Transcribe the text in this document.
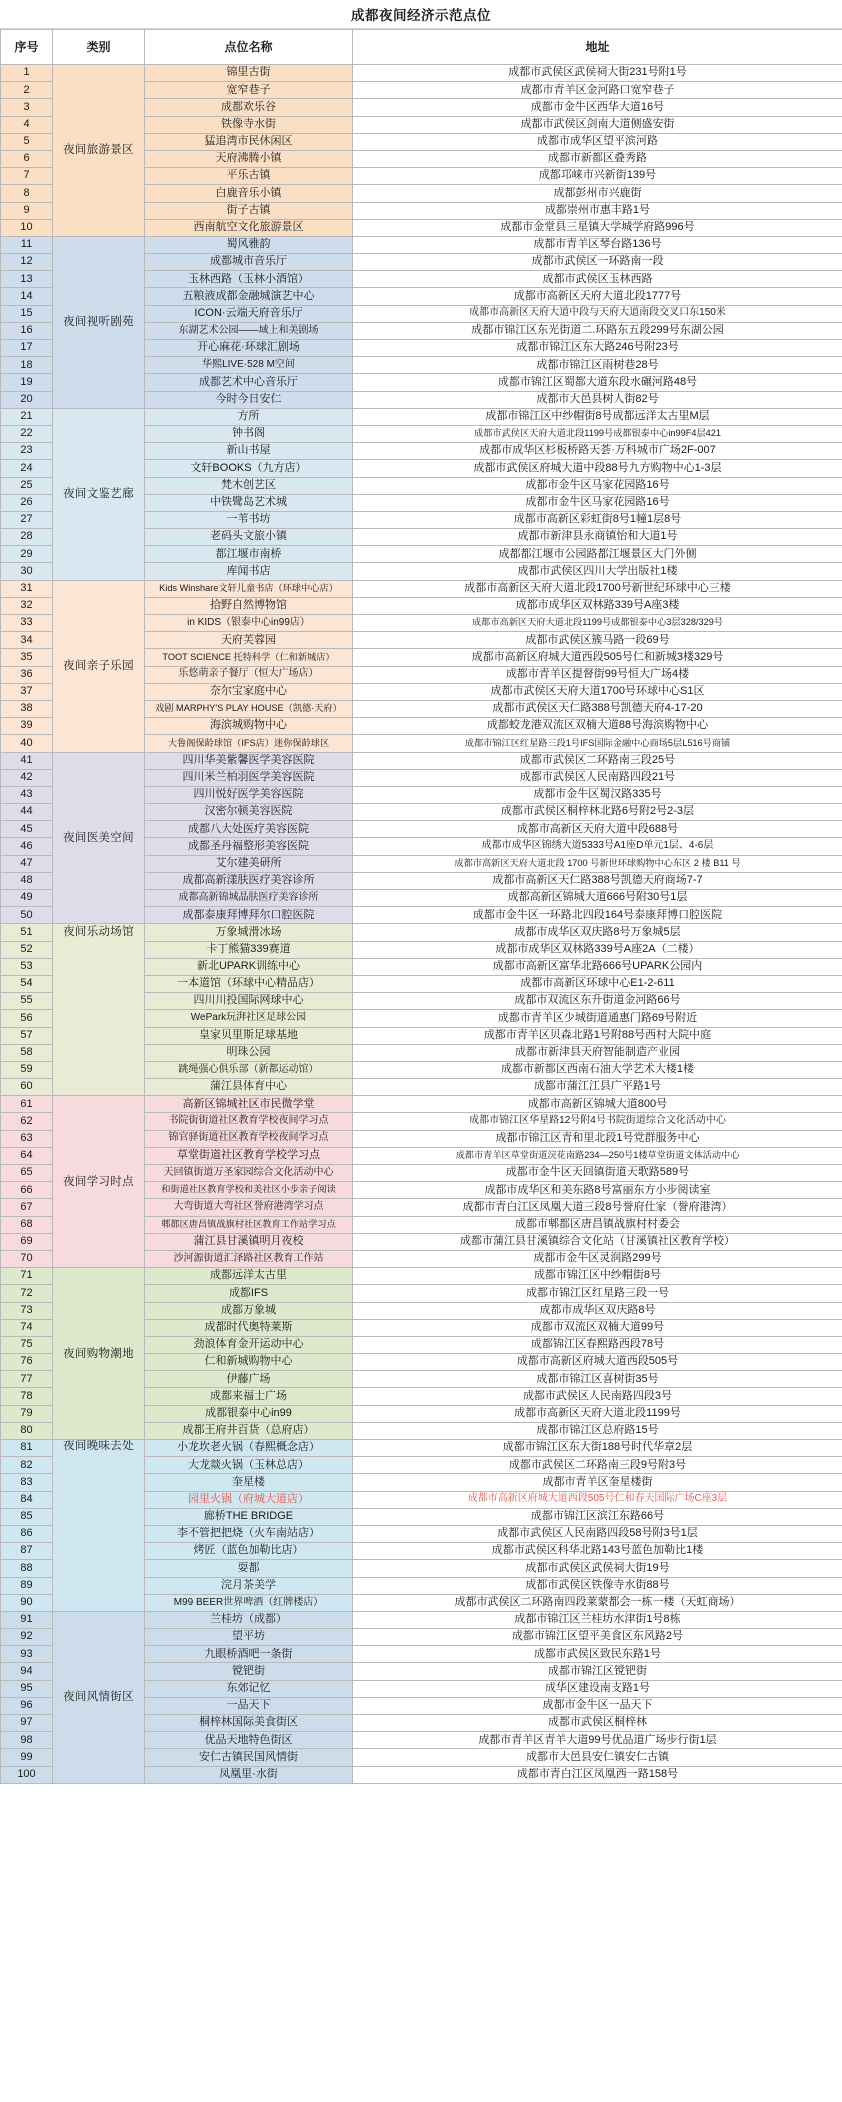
成都夜间经济示范点位
序号	类别	点位名称	地址
1	夜间旅游景区	锦里古街	成都市武侯区武侯祠大街231号附1号
2		宽窄巷子	成都市青羊区金河路口宽窄巷子
3		成都欢乐谷	成都市金牛区西华大道16号
4		铁像寺水街	成都市武侯区剑南大道侧盛安街
5		猛追湾市民休闲区	成都市成华区望平滨河路
6		天府沸腾小镇	成都市新都区叠秀路
7		平乐古镇	成都邛崃市兴新街139号
8		白鹿音乐小镇	成都彭州市兴鹿街
9		街子古镇	成都崇州市惠丰路1号
10		西南航空文化旅游景区	成都市金堂县三星镇大学城学府路996号
11	夜间视听剧苑	蜀风雅韵	成都市青羊区琴台路136号
12		成都城市音乐厅	成都市武侯区一环路南一段
13		玉林西路（玉林小酒馆）	成都市武侯区玉林西路
14		五粮液成都金融城演艺中心	成都市高新区天府大道北段1777号
15		ICON·云端天府音乐厅	成都市高新区天府大道中段与天府大道南段交叉口东150米
16		东湖艺术公园——域上和美剧场	成都市锦江区东光街道二.环路东五段299号东湖公园
17		开心麻花·环球汇剧场	成都市锦江区东大路246号附23号
18		华熙LIVE·528 M空间	成都市锦江区雨树巷28号
19		成都艺术中心音乐厅	成都市锦江区蜀都大道东段水碾河路48号
20		今时今日安仁	成都市大邑县树人街82号
21	夜间文鉴艺廊	方所	成都市锦江区中纱帽街8号成都远洋太古里M层
22		钟书阁	成都市武侯区天府大道北段1199号成都银泰中心in99F4层421
23		新山书屋	成都市成华区杉板桥路天荟·万科城市广场2F-007
24		文轩BOOKS（九方店）	成都市武侯区府城大道中段88号九方购物中心1-3层
25		梵木创艺区	成都市金牛区马家花园路16号
26		中铁鹭岛艺术城	成都市金牛区马家花园路16号
27		一苇书坊	成都市高新区彩虹街8号1幢1层8号
28		老码头文旅小镇	成都市新津县永商镇怡和大道1号
29		都江堰市南桥	成都都江堰市公园路都江堰景区大门外侧
30		库闻书店	成都市武侯区四川大学出版社1楼
31	夜间亲子乐园	Kids Winshare文轩儿童书店（环球中心店）	成都市高新区天府大道北段1700号新世纪环球中心三楼
32		拾野自然博物馆	成都市成华区双林路339号A座3楼
33		in KIDS（银泰中心in99店）	成都市高新区天府大道北段1199号成都银泰中心3层328/329号
34		天府芙蓉园	成都市武侯区簇马路一段69号
35		TOOT SCIENCE 托特科学（仁和新城店）	成都市高新区府城大道西段505号仁和新城3楼329号
36		乐悠萌亲子餐厅（恒大广场店）	成都市青羊区提督街99号恒大广场4楼
37		奈尔宝家庭中心	成都市武侯区天府大道1700号环球中心S1区
38		戏剧 MARPHY'S PLAY HOUSE（凯德·天府）	成都市武侯区天仁路388号凯德天府4-17-20
39		海滨城购物中心	成都蛟龙港双流区双楠大道88号海滨购物中心
40		大鲁阁保龄球馆（IFS店）迷你保龄球区	成都市锦江区红星路三段1号IFS国际金融中心商场5层L516号商铺
41	夜间医美空间	四川华美紫馨医学美容医院	成都市武侯区二环路南三段25号
42		四川米兰柏羽医学美容医院	成都市武侯区人民南路四段21号
43		四川悦好医学美容医院	成都市金牛区蜀汉路335号
44		汉密尔顿美容医院	成都市武侯区桐梓林北路6号附2号2-3层
45		成都八大处医疗美容医院	成都市高新区天府大道中段688号
46		成都圣丹福整形美容医院	成都市成华区锦绣大道5333号A1座D单元1层、4-6层
47		艾尔建美研所	成都市高新区天府大道北段 1700 号新世环球购物中心东区 2 楼 B11 号
48		成都高新漾肤医疗美容诊所	成都市高新区天仁路388号凯德天府商场7-7
49		成都高新锦城晶肤医疗美容诊所	成都高新区锦城大道666号附30号1层
50		成都泰康拜博拜尔口腔医院	成都市金牛区一环路北四段164号泰康拜博口腔医院
51	夜间乐动场馆	万象城滑冰场	成都市成华区双庆路8号万象城5层
52		卡丁熊猫339赛道	成都市成华区双林路339号A座2A（二楼）
53		新北UPARK训练中心	成都市高新区富华北路666号UPARK公园内
54		一本道馆（环球中心精品店）	成都市高新区环球中心E1-2-611
55		四川川投国际网球中心	成都市双流区东升街道金河路66号
56		WePark玩湃社区足球公园	成都市青羊区少城街道通惠门路69号附近
57		皇家贝里斯足球基地	成都市青羊区贝森北路1号附88号西村大院中庭
58		明珠公园	成都市新津县天府智能制造产业园
59		跳绳强心俱乐部（新都运动馆）	成都市新都区西南石油大学艺术大楼1楼
60		蒲江县体育中心	成都市蒲江江县广平路1号
61	夜间学习时点	高新区锦城社区市民微学堂	成都市高新区锦城大道800号
62		书院街街道社区教育学校夜间学习点	成都市锦江区华星路12号附4号书院街道综合文化活动中心
63		锦官驿街道社区教育学校夜间学习点	成都市锦江区青和里北段1号党群服务中心
64		草堂街道社区教育学校学习点	成都市青羊区草堂街道浣花南路234—250号1楼草堂街道文体活动中心
65		天回镇街道万圣家园综合文化活动中心	成都市金牛区天回镇街道天歌路589号
66		和街道社区教育学校和美社区小步亲子阅读	成都市成华区和美东路8号富丽东方小步阅读室
67		大弯街道大弯社区誉府港湾学习点	成都市青白江区凤凰大道三段8号誉府仕家（誉府港湾）
68		郫都区唐昌镇战旗村社区教育工作站学习点	成都市郫都区唐昌镇战旗村村委会
69		蒲江县甘溪镇明月夜校	成都市蒲江县甘溪镇综合文化站（甘溪镇社区教育学校）
70		沙河源街道汇泽路社区教育工作站	成都市金牛区灵润路299号
71	夜间购物潮地	成都远洋太古里	成都市锦江区中纱帽街8号
72		成都IFS	成都市锦江区红星路三段一号
73		成都万象城	成都市成华区双庆路8号
74		成都时代奥特莱斯	成都市双流区双楠大道99号
75		劲浪体育金开运动中心	成都锦江区春熙路西段78号
76		仁和新城购物中心	成都市高新区府城大道西段505号
77		伊藤广场	成都市锦江区喜树街35号
78		成都来福士广场	成都市武侯区人民南路四段3号
79		成都银泰中心in99	成都市高新区天府大道北段1199号
80		成都王府井百货（总府店）	成都市锦江区总府路15号
81	夜间晚味去处	小龙坎老火锅（春熙概念店）	成都市锦江区东大街188号时代华章2层
82		大龙燚火锅（玉林总店）	成都市武侯区二环路南三段9号附3号
83		奎星楼	成都市青羊区奎星楼街
84		园里火锅（府城大道店）	成都市高新区府城大道西段505号仁和春天国际广场C座3层
85		廊桥THE BRIDGE	成都市锦江区滨江东路66号
86		李不管把把烧（火车南站店）	成都市武侯区人民南路四段58号附3号1层
87		烤匠（蓝色加勒比店）	成都市武侯区科华北路143号蓝色加勒比1楼
88		耍都	成都市武侯区武侯祠大街19号
89		浣月茶美学	成都市武侯区铁像寺水街88号
90		M99 BEER世界啤酒（红牌楼店）	成都市武侯区二环路南四段莱蒙都会一栋一楼（天虹商场）
91	夜间风情街区	兰桂坊（成都）	成都市锦江区兰桂坊水津街1号8栋
92		望平坊	成都市锦江区望平美食区东风路2号
93		九眼桥酒吧一条街	成都市武侯区致民东路1号
94		镋钯街	成都市锦江区镋钯街
95		东郊记忆	成华区建设南支路1号
96		一品天下	成都市金牛区一品天下
97		桐梓林国际美食街区	成都市武侯区桐梓林
98		优品天地特色街区	成都市青羊区青羊大道99号优品道广场步行街1层
99		安仁古镇民国风情街	成都市大邑县安仁镇安仁古镇
100		凤凰里·水街	成都市青白江区凤凰西一路158号
